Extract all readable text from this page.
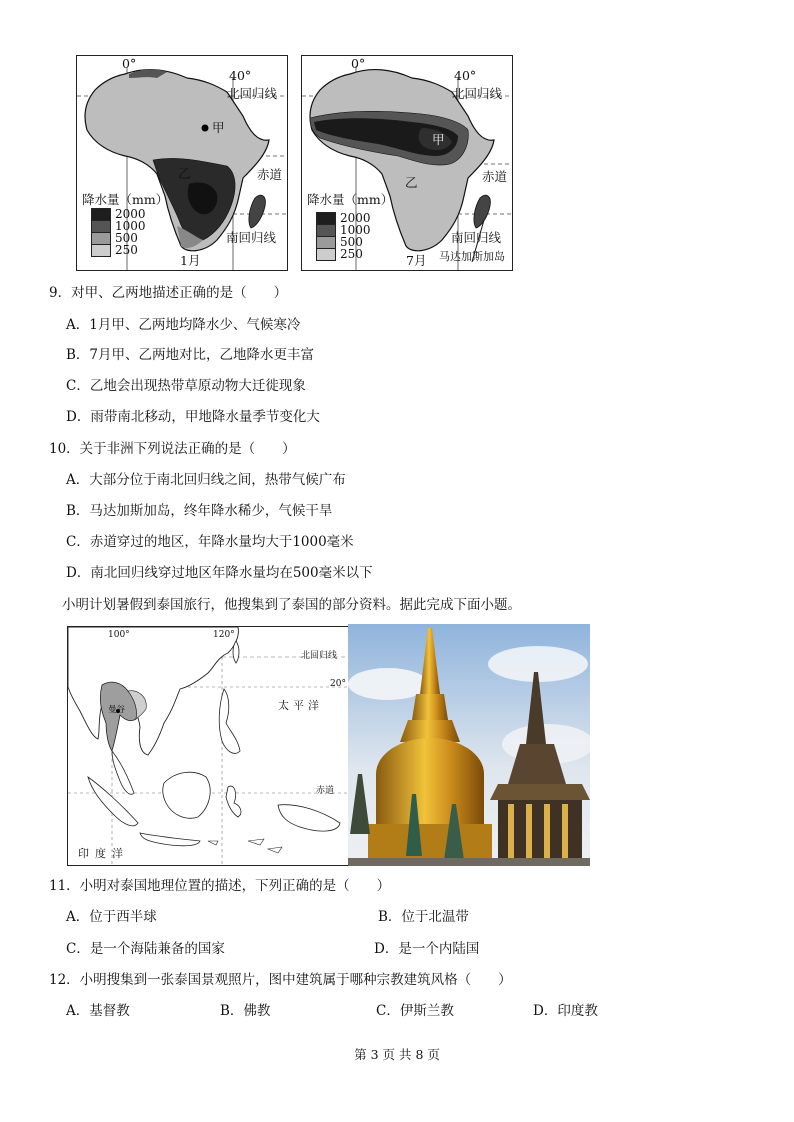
0°
40°
北回归线
甲
乙	赤道
南回归线
降水量（mm）
2000
1000
500
250
1月
0°
40°
北回归线
甲
乙	赤道
南回归线
降水量（mm）
2000
1000
500
250	7月 马达加斯加岛
9．对甲、乙两地描述正确的是（　　）
A．1月甲、乙两地均降水少、气候寒冷
B．7月甲、乙两地对比，乙地降水更丰富
C．乙地会出现热带草原动物大迁徙现象
D．雨带南北移动，甲地降水量季节变化大
10．关于非洲下列说法正确的是（　　）
A．大部分位于南北回归线之间，热带气候广布
B．马达加斯加岛，终年降水稀少，气候干旱
C．赤道穿过的地区，年降水量均大于1000毫米
D．南北回归线穿过地区年降水量均在500毫米以下
小明计划暑假到泰国旅行，他搜集到了泰国的部分资料。据此完成下面小题。
100°	120°
北回归线
20°
太平洋
曼谷
赤道
印度洋
11．小明对泰国地理位置的描述，下列正确的是（　　）
A．位于西半球	B．位于北温带
C．是一个海陆兼备的国家	D．是一个内陆国
12．小明搜集到一张泰国景观照片，图中建筑属于哪种宗教建筑风格（　　）
A．基督教	B．佛教	C．伊斯兰教	D．印度教
第 3 页 共 8 页
